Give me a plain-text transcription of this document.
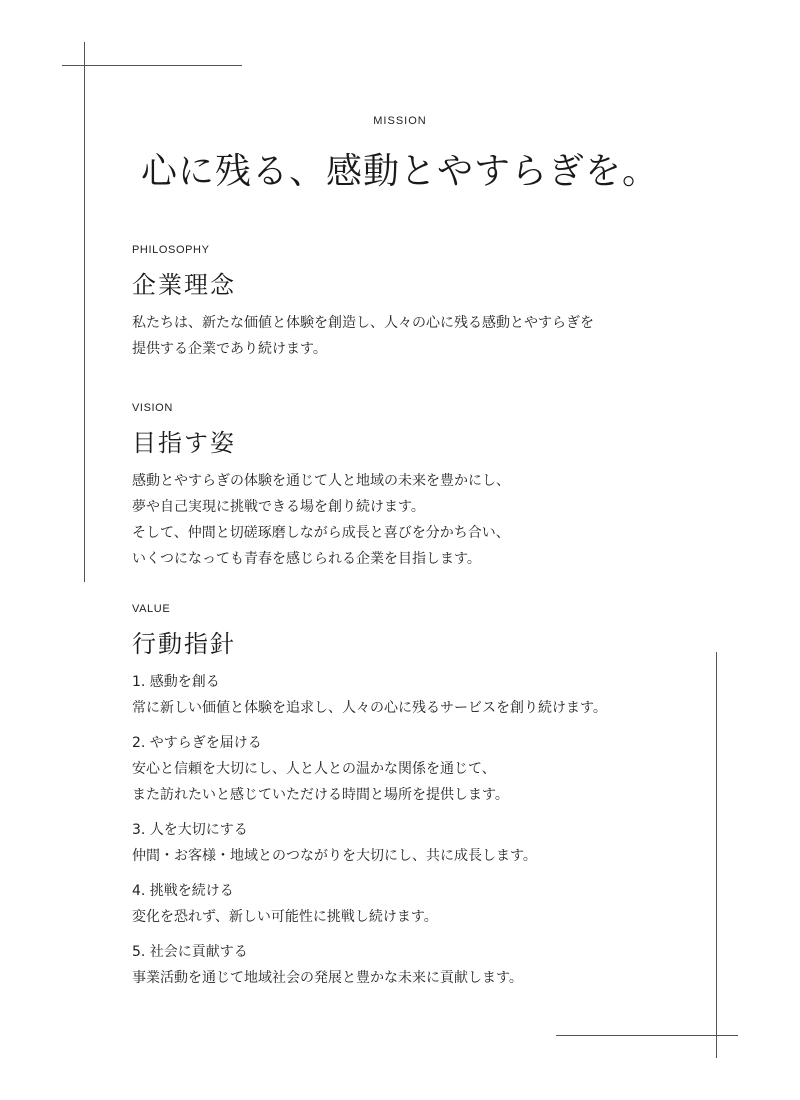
MISSION
心に残る、感動とやすらぎを。
PHILOSOPHY
企業理念
私たちは、新たな価値と体験を創造し、人々の心に残る感動とやすらぎを
提供する企業であり続けます。
VISION
目指す姿
感動とやすらぎの体験を通じて人と地域の未来を豊かにし、
夢や自己実現に挑戦できる場を創り続けます。
そして、仲間と切磋琢磨しながら成長と喜びを分かち合い、
いくつになっても青春を感じられる企業を目指します。
VALUE
行動指針
1. 感動を創る
常に新しい価値と体験を追求し、人々の心に残るサービスを創り続けます。
2. やすらぎを届ける
安心と信頼を大切にし、人と人との温かな関係を通じて、
また訪れたいと感じていただける時間と場所を提供します。
3. 人を大切にする
仲間・お客様・地域とのつながりを大切にし、共に成長します。
4. 挑戦を続ける
変化を恐れず、新しい可能性に挑戦し続けます。
5. 社会に貢献する
事業活動を通じて地域社会の発展と豊かな未来に貢献します。
